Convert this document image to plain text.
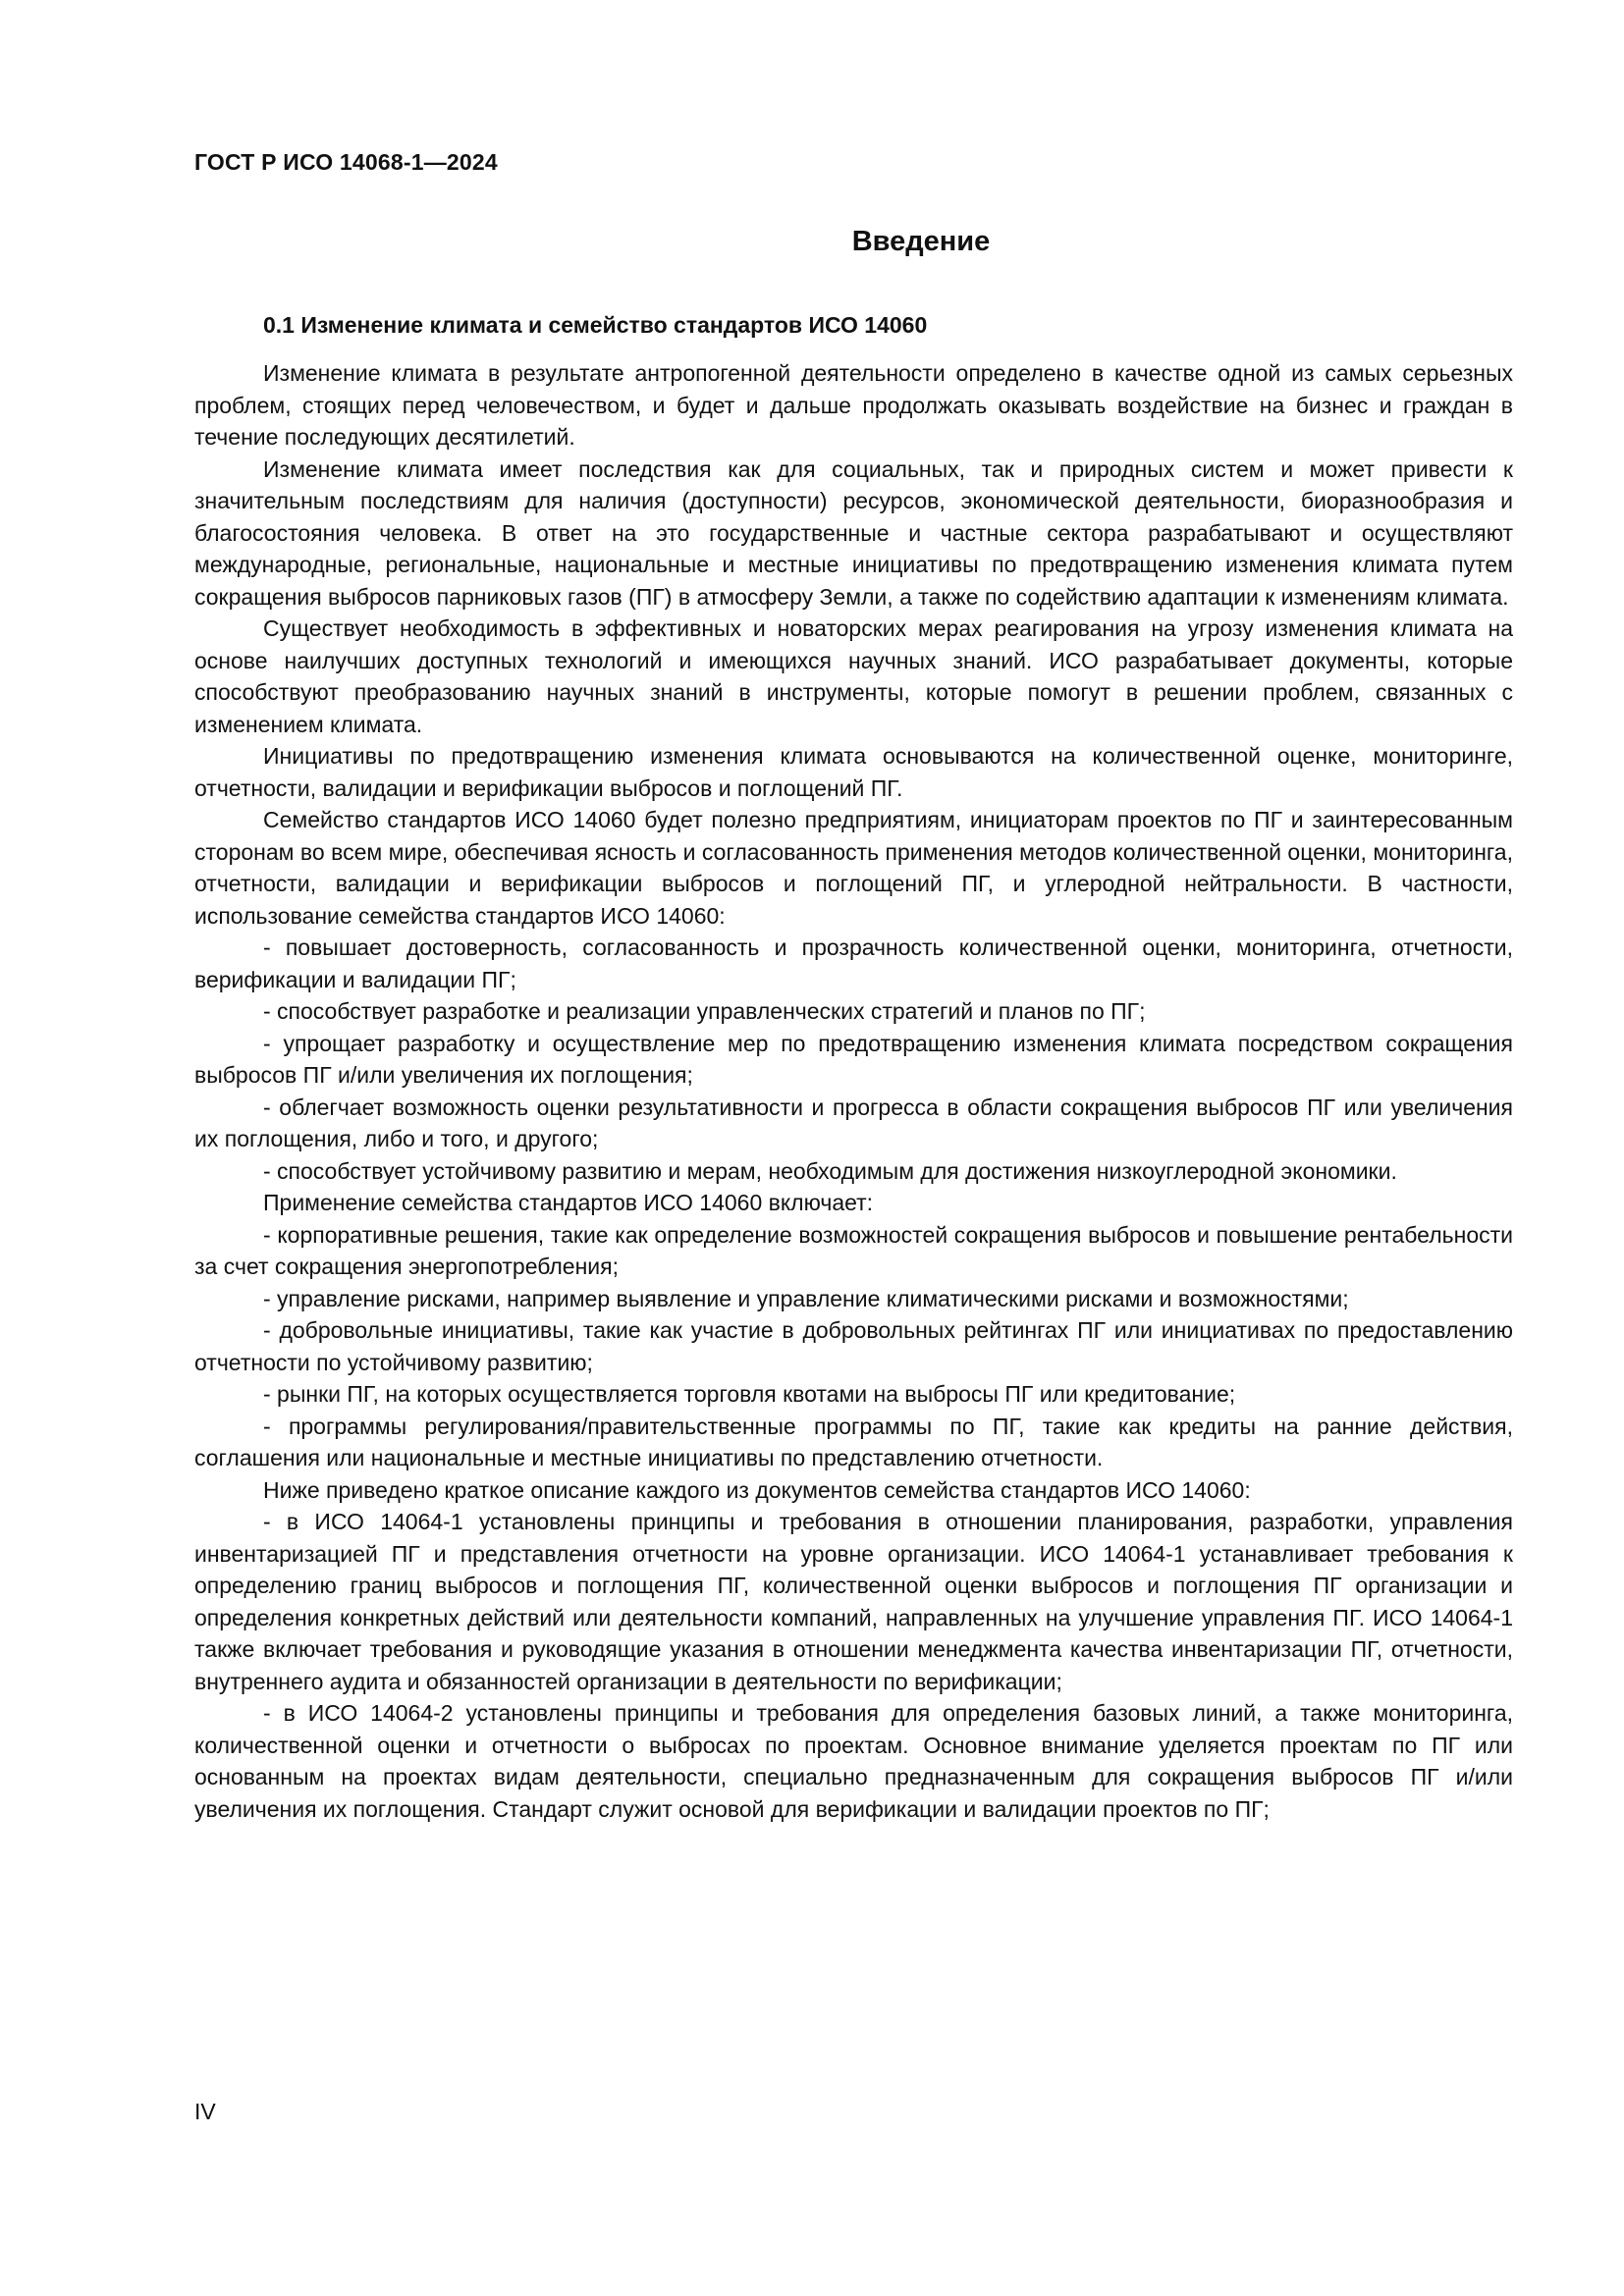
ГОСТ Р ИСО 14068-1—2024
Введение
0.1 Изменение климата и семейство стандартов ИСО 14060

Изменение климата в результате антропогенной деятельности определено в качестве одной из самых серьезных проблем, стоящих перед человечеством, и будет и дальше продолжать оказывать воздействие на бизнес и граждан в течение последующих десятилетий.

Изменение климата имеет последствия как для социальных, так и природных систем и может привести к значительным последствиям для наличия (доступности) ресурсов, экономической деятельности, биоразнообразия и благосостояния человека. В ответ на это государственные и частные сектора разрабатывают и осуществляют международные, региональные, национальные и местные инициативы по предотвращению изменения климата путем сокращения выбросов парниковых газов (ПГ) в атмосферу Земли, а также по содействию адаптации к изменениям климата.

Существует необходимость в эффективных и новаторских мерах реагирования на угрозу изменения климата на основе наилучших доступных технологий и имеющихся научных знаний. ИСО разрабатывает документы, которые способствуют преобразованию научных знаний в инструменты, которые помогут в решении проблем, связанных с изменением климата.

Инициативы по предотвращению изменения климата основываются на количественной оценке, мониторинге, отчетности, валидации и верификации выбросов и поглощений ПГ.

Семейство стандартов ИСО 14060 будет полезно предприятиям, инициаторам проектов по ПГ и заинтересованным сторонам во всем мире, обеспечивая ясность и согласованность применения методов количественной оценки, мониторинга, отчетности, валидации и верификации выбросов и поглощений ПГ, и углеродной нейтральности. В частности, использование семейства стандартов ИСО 14060:

- повышает достоверность, согласованность и прозрачность количественной оценки, мониторинга, отчетности, верификации и валидации ПГ;

- способствует разработке и реализации управленческих стратегий и планов по ПГ;

- упрощает разработку и осуществление мер по предотвращению изменения климата посредством сокращения выбросов ПГ и/или увеличения их поглощения;

- облегчает возможность оценки результативности и прогресса в области сокращения выбросов ПГ или увеличения их поглощения, либо и того, и другого;

- способствует устойчивому развитию и мерам, необходимым для достижения низкоуглеродной экономики.

Применение семейства стандартов ИСО 14060 включает:

- корпоративные решения, такие как определение возможностей сокращения выбросов и повышение рентабельности за счет сокращения энергопотребления;

- управление рисками, например выявление и управление климатическими рисками и возможностями;

- добровольные инициативы, такие как участие в добровольных рейтингах ПГ или инициативах по предоставлению отчетности по устойчивому развитию;

- рынки ПГ, на которых осуществляется торговля квотами на выбросы ПГ или кредитование;

- программы регулирования/правительственные программы по ПГ, такие как кредиты на ранние действия, соглашения или национальные и местные инициативы по представлению отчетности.

Ниже приведено краткое описание каждого из документов семейства стандартов ИСО 14060:

- в ИСО 14064-1 установлены принципы и требования в отношении планирования, разработки, управления инвентаризацией ПГ и представления отчетности на уровне организации. ИСО 14064-1 устанавливает требования к определению границ выбросов и поглощения ПГ, количественной оценки выбросов и поглощения ПГ организации и определения конкретных действий или деятельности компаний, направленных на улучшение управления ПГ. ИСО 14064-1 также включает требования и руководящие указания в отношении менеджмента качества инвентаризации ПГ, отчетности, внутреннего аудита и обязанностей организации в деятельности по верификации;

- в ИСО 14064-2 установлены принципы и требования для определения базовых линий, а также мониторинга, количественной оценки и отчетности о выбросах по проектам. Основное внимание уделяется проектам по ПГ или основанным на проектах видам деятельности, специально предназначенным для сокращения выбросов ПГ и/или увеличения их поглощения. Стандарт служит основой для верификации и валидации проектов по ПГ;

IV
